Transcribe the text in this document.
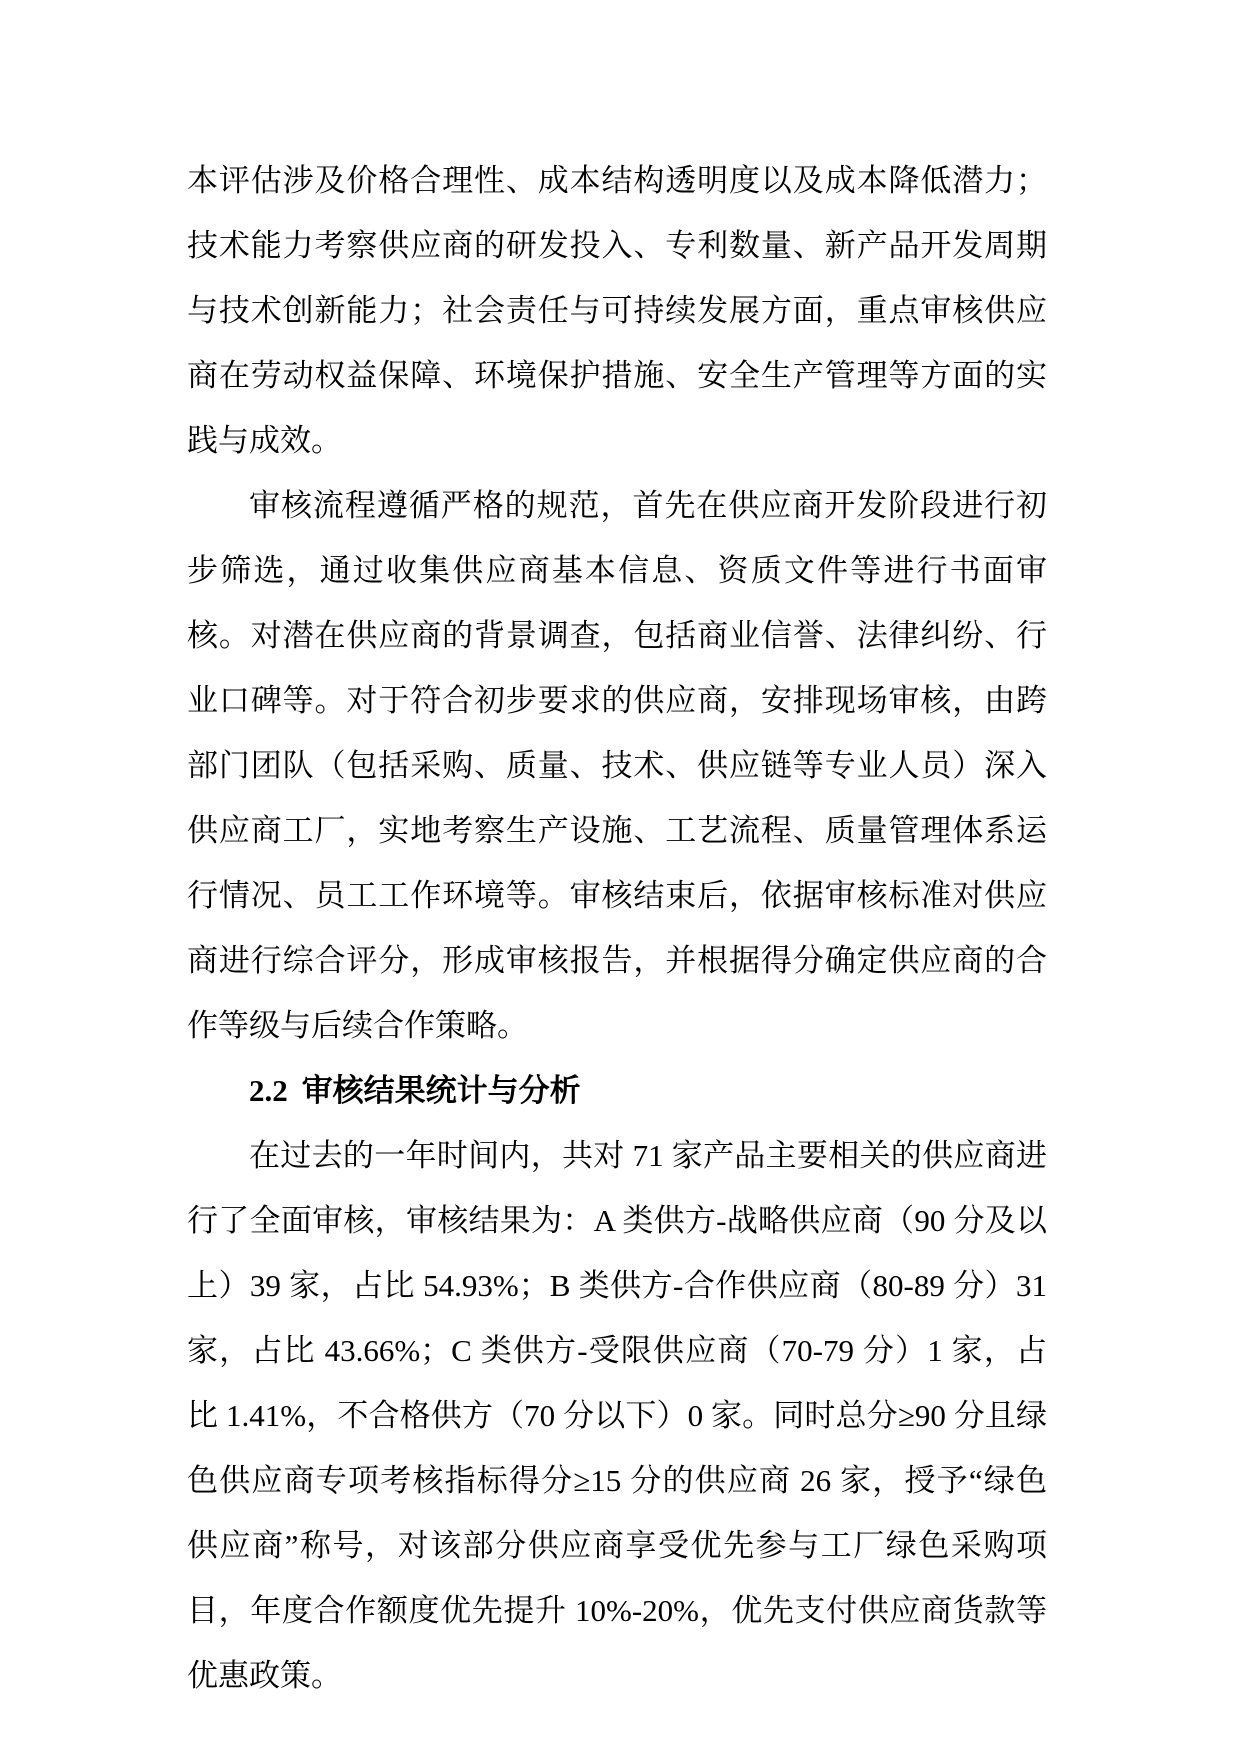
本评估涉及价格合理性、成本结构透明度以及成本降低潜力；技术能力考察供应商的研发投入、专利数量、新产品开发周期与技术创新能力；社会责任与可持续发展方面，重点审核供应商在劳动权益保障、环境保护措施、安全生产管理等方面的实践与成效。

审核流程遵循严格的规范，首先在供应商开发阶段进行初步筛选，通过收集供应商基本信息、资质文件等进行书面审核。对潜在供应商的背景调查，包括商业信誉、法律纠纷、行业口碑等。对于符合初步要求的供应商，安排现场审核，由跨部门团队（包括采购、质量、技术、供应链等专业人员）深入供应商工厂，实地考察生产设施、工艺流程、质量管理体系运行情况、员工工作环境等。审核结束后，依据审核标准对供应商进行综合评分，形成审核报告，并根据得分确定供应商的合作等级与后续合作策略。

2.2 审核结果统计与分析

在过去的一年时间内，共对 71 家产品主要相关的供应商进行了全面审核，审核结果为：A 类供方-战略供应商（90 分及以上）39 家，占比 54.93%；B 类供方-合作供应商（80-89 分）31 家，占比 43.66%；C 类供方-受限供应商（70-79 分）1 家，占比 1.41%，不合格供方（70 分以下）0 家。同时总分≥90 分且绿色供应商专项考核指标得分≥15 分的供应商 26 家，授予“绿色供应商”称号，对该部分供应商享受优先参与工厂绿色采购项目，年度合作额度优先提升 10%-20%，优先支付供应商货款等优惠政策。
